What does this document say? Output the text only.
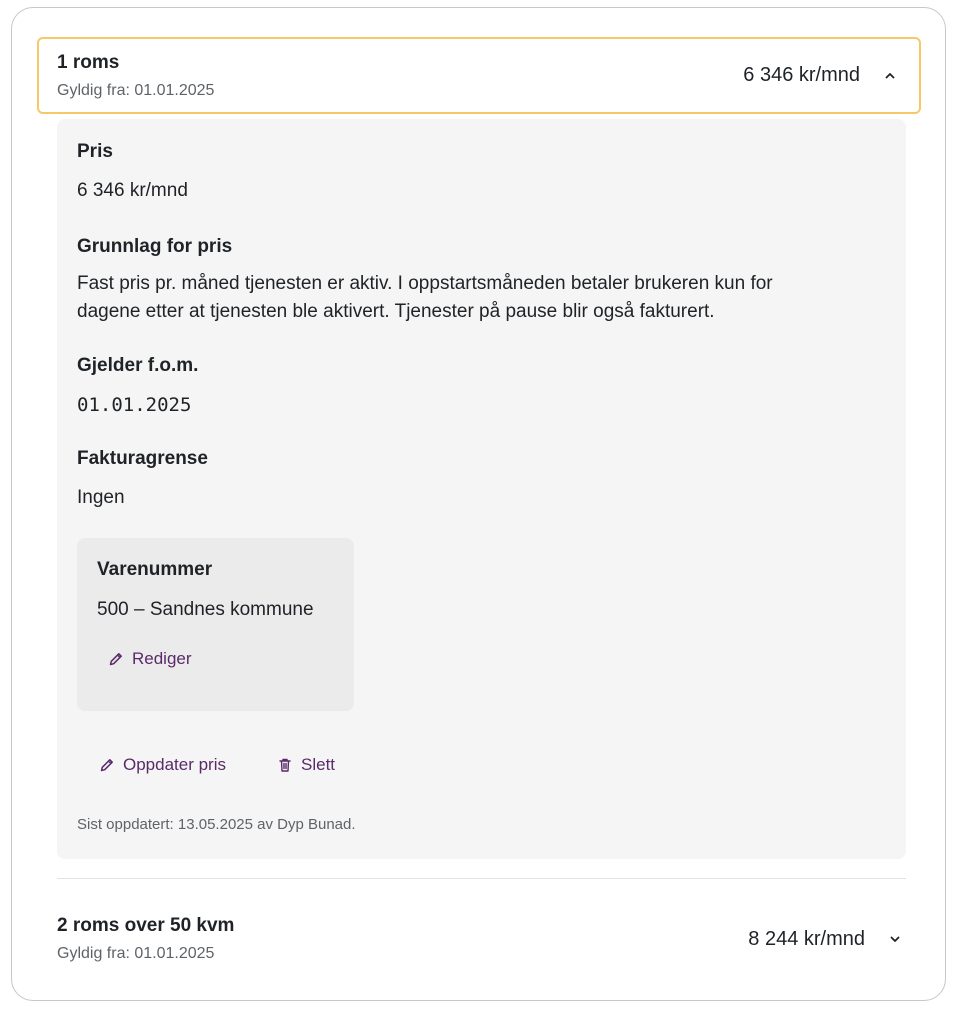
1 roms
Gyldig fra: 01.01.2025
6 346 kr/mnd
Pris
6 346 kr/mnd
Grunnlag for pris
Fast pris pr. måned tjenesten er aktiv. I oppstartsmåneden betaler brukeren kun for
dagene etter at tjenesten ble aktivert. Tjenester på pause blir også fakturert.
Gjelder f.o.m.
01.01.2025
Fakturagrense
Ingen
Varenummer
500 – Sandnes kommune
Rediger
Oppdater pris	Slett
Sist oppdatert: 13.05.2025 av Dyp Bunad.
2 roms over 50 kvm
Gyldig fra: 01.01.2025
8 244 kr/mnd
